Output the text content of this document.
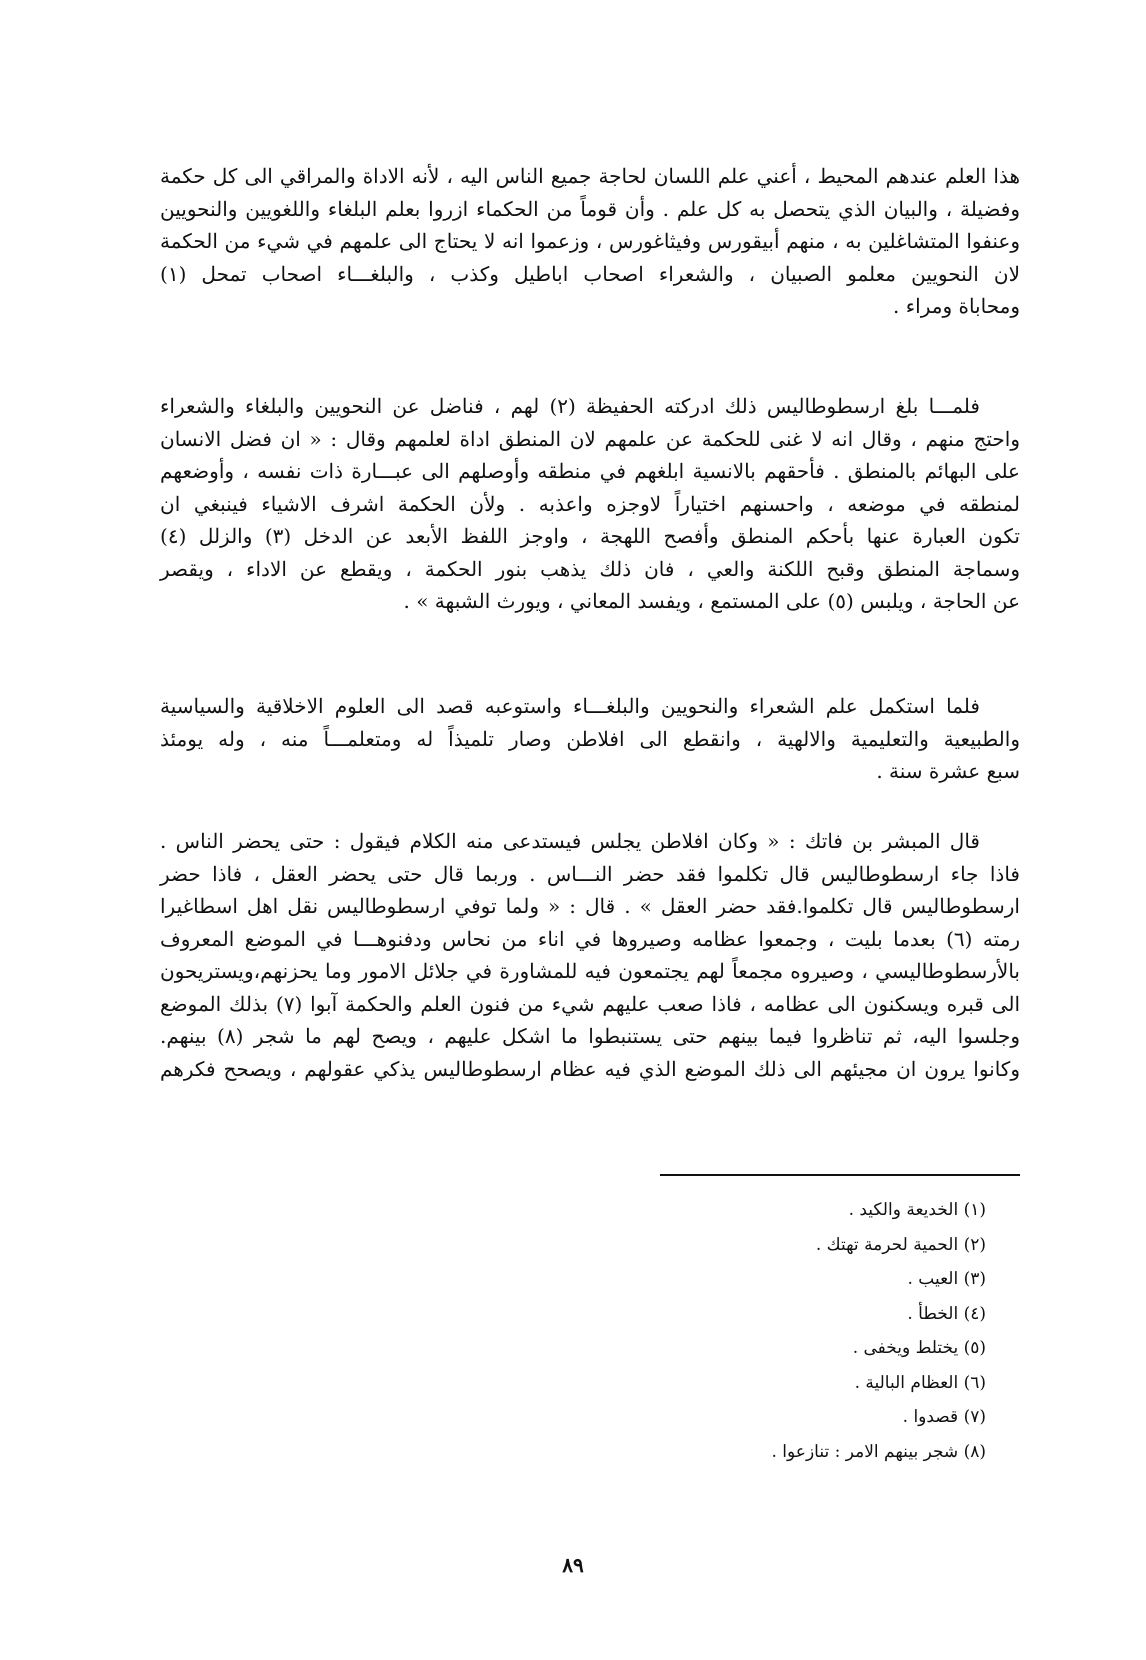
هذا العلم عندهم المحيط ، أعني علم اللسان لحاجة جميع الناس اليه ، لأنه الاداة والمراقي الى كل حكمة
وفضيلة ، والبيان الذي يتحصل به كل علم . وأن قوماً من الحكماء ازروا بعلم البلغاء واللغويين والنحويين
وعنفوا المتشاغلين به ، منهم أبيقورس وفيثاغورس ، وزعموا انه لا يحتاج الى علمهم في شيء من الحكمة
لان النحويين معلمو الصبيان ، والشعراء اصحاب اباطيل وكذب ، والبلغـــاء اصحاب تمحل (١)
ومحاباة ومراء .

فلمـــا بلغ ارسطوطاليس ذلك ادركته الحفيظة (٢) لهم ، فناضل عن النحويين والبلغاء والشعراء
واحتج منهم ، وقال انه لا غنى للحكمة عن علمهم لان المنطق اداة لعلمهم وقال : « ان فضل الانسان
على البهائم بالمنطق . فأحقهم بالانسية ابلغهم في منطقه وأوصلهم الى عبـــارة ذات نفسه ، وأوضعهم
لمنطقه في موضعه ، واحسنهم اختياراً لاوجزه واعذبه . ولأن الحكمة اشرف الاشياء فينبغي ان
تكون العبارة عنها بأحكم المنطق وأفصح اللهجة ، واوجز اللفظ الأبعد عن الدخل (٣) والزلل (٤)
وسماجة المنطق وقبح اللكنة والعي ، فان ذلك يذهب بنور الحكمة ، ويقطع عن الاداء ، ويقصر
عن الحاجة ، ويلبس (٥) على المستمع ، ويفسد المعاني ، ويورث الشبهة » .

فلما استكمل علم الشعراء والنحويين والبلغـــاء واستوعبه قصد الى العلوم الاخلاقية والسياسية
والطبيعية والتعليمية والالهية ، وانقطع الى افلاطن وصار تلميذاً له ومتعلمـــاً منه ، وله يومئذ
سبع عشرة سنة .

قال المبشر بن فاتك : « وكان افلاطن يجلس فيستدعى منه الكلام فيقول : حتى يحضر الناس .
فاذا جاء ارسطوطاليس قال تكلموا فقد حضر النـــاس . وربما قال حتى يحضر العقل ، فاذا حضر
ارسطوطاليس قال تكلموا.فقد حضر العقل » . قال : « ولما توفي ارسطوطاليس نقل اهل اسطاغيرا
رمته (٦) بعدما بليت ، وجمعوا عظامه وصيروها في اناء من نحاس ودفنوهـــا في الموضع المعروف
بالأرسطوطاليسي ، وصيروه مجمعاً لهم يجتمعون فيه للمشاورة في جلائل الامور وما يحزنهم،ويستريحون
الى قبره ويسكنون الى عظامه ، فاذا صعب عليهم شيء من فنون العلم والحكمة آبوا (٧) بذلك الموضع
وجلسوا اليه، ثم تناظروا فيما بينهم حتى يستنبطوا ما اشكل عليهم ، ويصح لهم ما شجر (٨) بينهم.
وكانوا يرون ان مجيئهم الى ذلك الموضع الذي فيه عظام ارسطوطاليس يذكي عقولهم ، ويصحح فكرهم

(١) الخديعة والكيد .
(٢) الحمية لحرمة تهتك .
(٣) العيب .
(٤) الخطأ .
(٥) يختلط ويخفى .
(٦) العظام البالية .
(٧) قصدوا .
(٨) شجر بينهم الامر : تنازعوا .
٨٩
